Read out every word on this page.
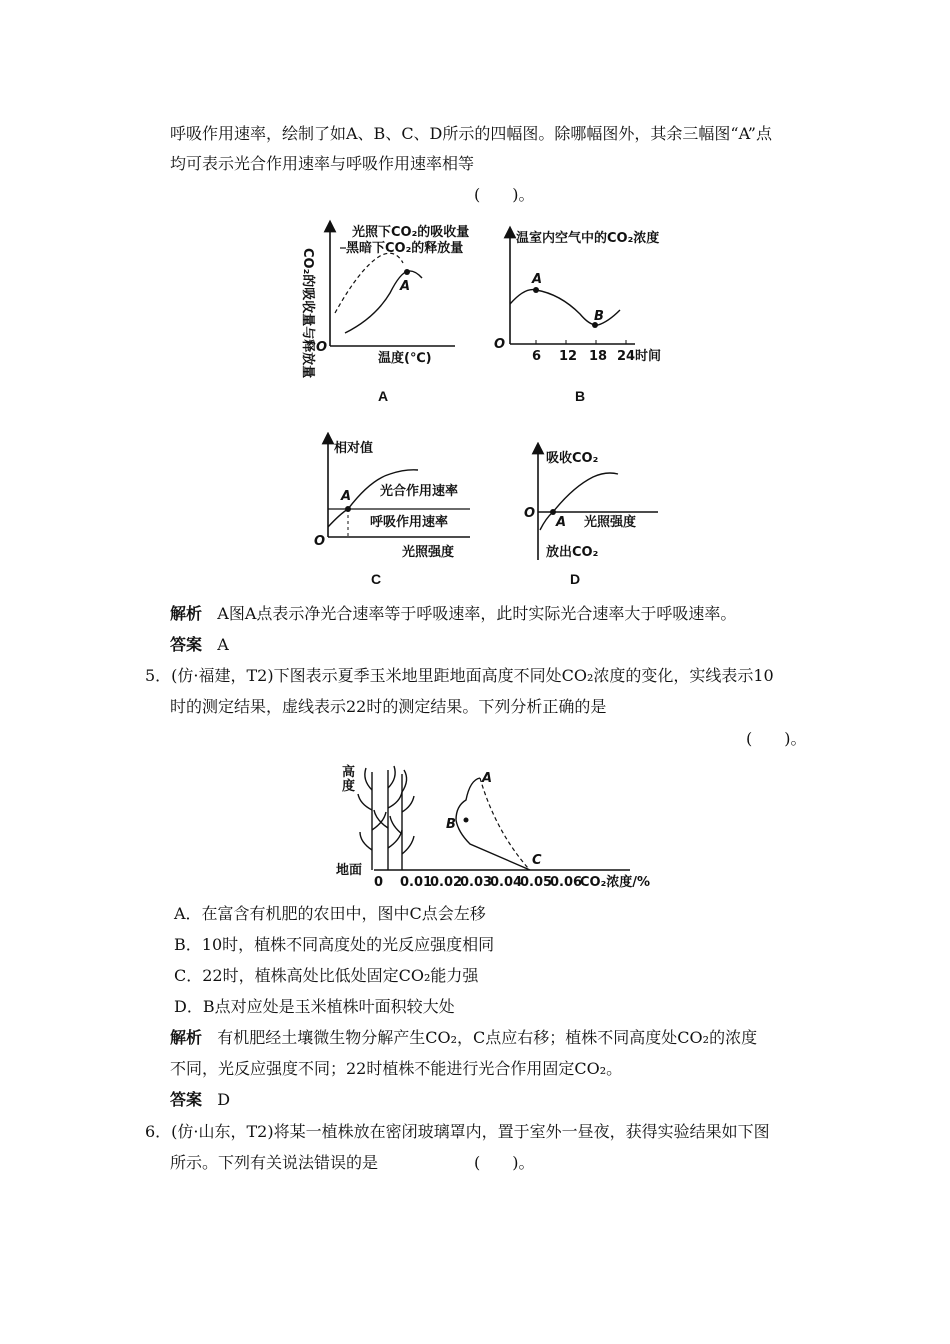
呼吸作用速率，绘制了如A、B、C、D所示的四幅图。除哪幅图外，其余三幅图“A”点
均可表示光合作用速率与呼吸作用速率相等
(　　)。
CO₂的吸收量与释放量
光照下CO₂的吸收量
黑暗下CO₂的释放量
A
O
温度(℃)
A
温室内空气中的CO₂浓度
A
B
O
6 12 18 24 时间
B
相对值
A 光合作用速率
呼吸作用速率
O
光照强度
C
吸收CO₂
O
A 光照强度
放出CO₂
D
解析 A图A点表示净光合速率等于呼吸速率，此时实际光合速率大于呼吸速率。
答案 A
5．(仿·福建，T2)下图表示夏季玉米地里距地面高度不同处CO₂浓度的变化，实线表示10
时的测定结果，虚线表示22时的测定结果。下列分析正确的是
(　　)。
高
度
A
B
C
地面
0 0.01
0.02
0.03
0.04
0.05
0.06
CO₂浓度/%
A．在富含有机肥的农田中，图中C点会左移
B．10时，植株不同高度处的光反应强度相同
C．22时，植株高处比低处固定CO₂能力强
D．B点对应处是玉米植株叶面积较大处
解析 有机肥经土壤微生物分解产生CO₂，C点应右移；植株不同高度处CO₂的浓度
不同，光反应强度不同；22时植株不能进行光合作用固定CO₂。
答案 D
6．(仿·山东，T2)将某一植株放在密闭玻璃罩内，置于室外一昼夜，获得实验结果如下图
所示。下列有关说法错误的是	(　　)。
